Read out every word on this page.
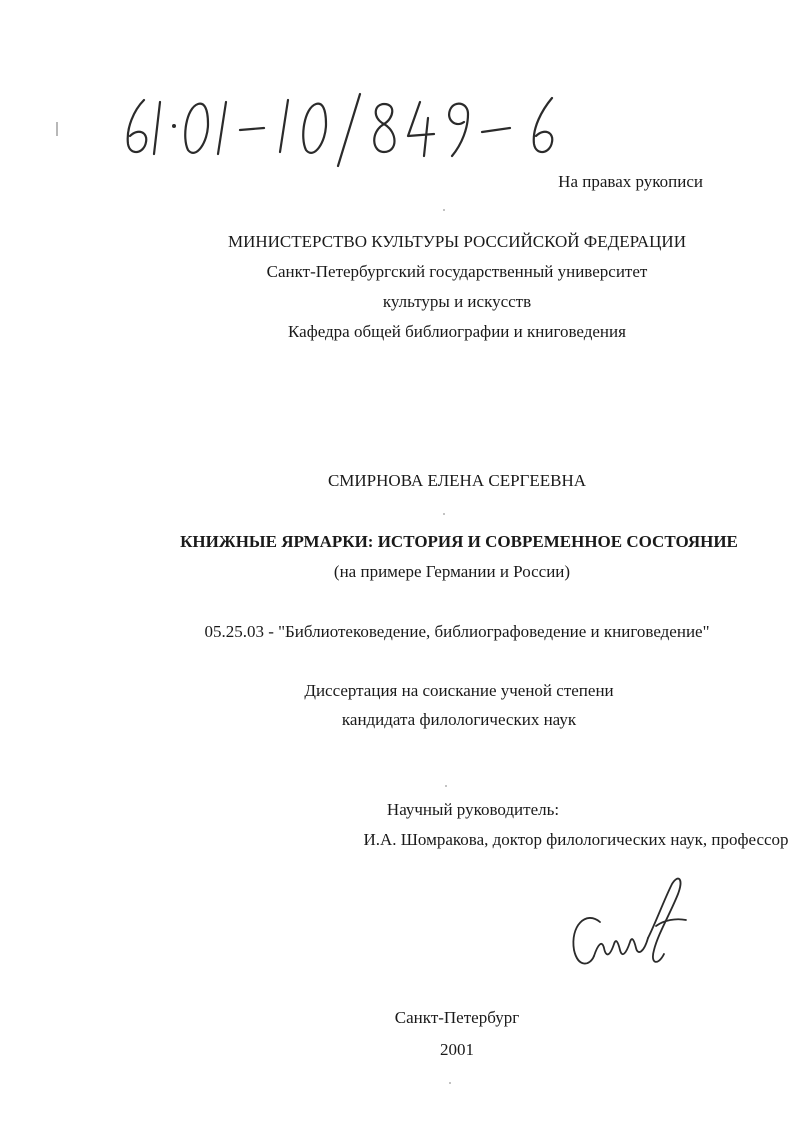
На правах рукописи
МИНИСТЕРСТВО КУЛЬТУРЫ РОССИЙСКОЙ ФЕДЕРАЦИИ
Санкт-Петербургский государственный университет
культуры и искусств
Кафедра общей библиографии и книговедения
СМИРНОВА ЕЛЕНА СЕРГЕЕВНА
КНИЖНЫЕ ЯРМАРКИ: ИСТОРИЯ И СОВРЕМЕННОЕ СОСТОЯНИЕ
(на примере Германии и России)
05.25.03 - "Библиотековедение, библиографоведение и книговедение"
Диссертация на соискание ученой степени
кандидата филологических наук
Научный руководитель:
И.А. Шомракова, доктор филологических наук, профессор
Санкт-Петербург
2001
